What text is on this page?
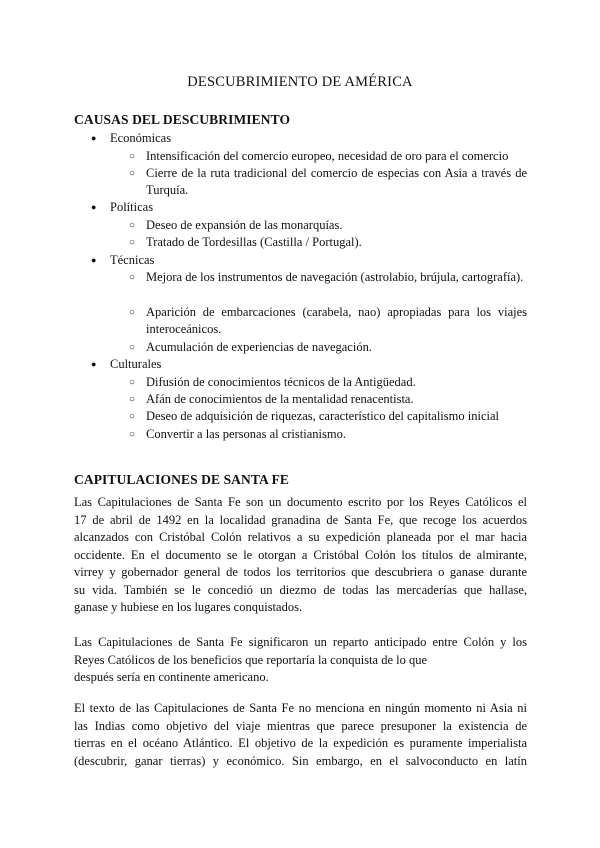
DESCUBRIMIENTO DE AMÉRICA
CAUSAS DEL DESCUBRIMIENTO
● Económicas
○ Intensificación del comercio europeo, necesidad de oro para el comercio
○ Cierre de la ruta tradicional del comercio de especias con Asia a través de Turquía.
● Políticas
○ Deseo de expansión de las monarquías.
○ Tratado de Tordesillas (Castilla / Portugal).
● Técnicas
○ Mejora de los instrumentos de navegación (astrolabio, brújula, cartografía).
○ Aparición de embarcaciones (carabela, nao) apropiadas para los viajes interoceánicos.
○ Acumulación de experiencias de navegación.
● Culturales
○ Difusión de conocimientos técnicos de la Antigüedad.
○ Afán de conocimientos de la mentalidad renacentista.
○ Deseo de adquisición de riquezas, característico del capitalismo inicial
○ Convertir a las personas al cristianismo.
CAPITULACIONES DE SANTA FE
Las Capitulaciones de Santa Fe son un documento escrito por los Reyes Católicos el
17 de abril de 1492 en la localidad granadina de Santa Fe, que recoge los acuerdos
alcanzados con Cristóbal Colón relativos a su expedición planeada por el mar hacia
occidente. En el documento se le otorgan a Cristóbal Colón los títulos de almirante,
virrey y gobernador general de todos los territorios que descubriera o ganase durante
su vida. También se le concedió un diezmo de todas las mercaderías que hallase,
ganase y hubiese en los lugares conquistados.
Las Capitulaciones de Santa Fe significaron un reparto anticipado entre Colón y los
Reyes Católicos de los beneficios que reportaría la conquista de lo que
después sería en continente americano.
El texto de las Capitulaciones de Santa Fe no menciona en ningún momento ni Asia ni
las Indias como objetivo del viaje mientras que parece presuponer la existencia de
tierras en el océano Atlántico. El objetivo de la expedición es puramente imperialista
(descubrir, ganar tierras) y económico. Sin embargo, en el salvoconducto en latín
